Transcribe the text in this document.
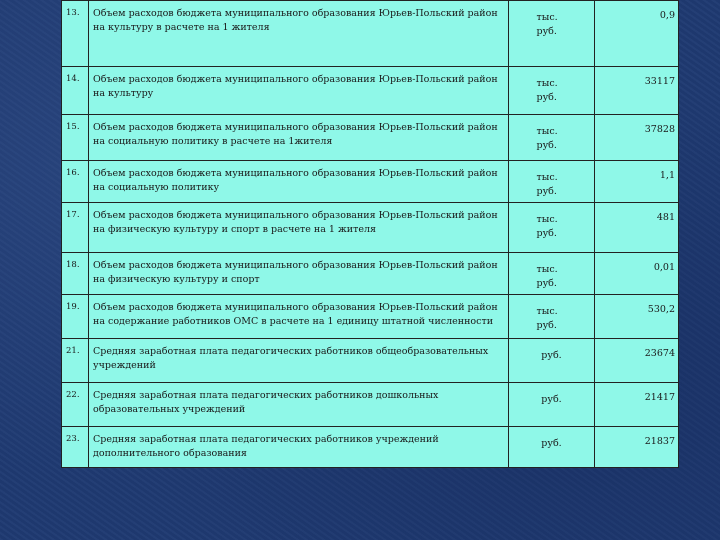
13.	Объем расходов бюджета муниципального образования Юрьев-Польский район на культуру в расчете на 1 жителя	тыс. руб.	0,9
14.	Объем расходов бюджета муниципального образования Юрьев-Польский район на культуру	тыс. руб.	33117
15.	Объем расходов бюджета муниципального образования Юрьев-Польский район на социальную политику в расчете на 1жителя	тыс. руб.	37828
16.	Объем расходов бюджета муниципального образования Юрьев-Польский район на социальную политику	тыс. руб.	1,1
17.	Объем расходов бюджета муниципального образования Юрьев-Польский район на физическую культуру и спорт в расчете на 1 жителя	тыс. руб.	481
18.	Объем расходов бюджета муниципального образования Юрьев-Польский район на физическую культуру и спорт	тыс. руб.	0,01
19.	Объем расходов бюджета муниципального образования Юрьев-Польский район на содержание работников ОМС в расчете на 1 единицу штатной численности	тыс. руб.	530,2
21.	Средняя заработная плата педагогических работников общеобразовательных учреждений	руб.	23674
22.	Средняя заработная плата педагогических работников дошкольных образовательных учреждений	руб.	21417
23.	Средняя заработная плата педагогических работников учреждений дополнительного образования	руб.	21837
